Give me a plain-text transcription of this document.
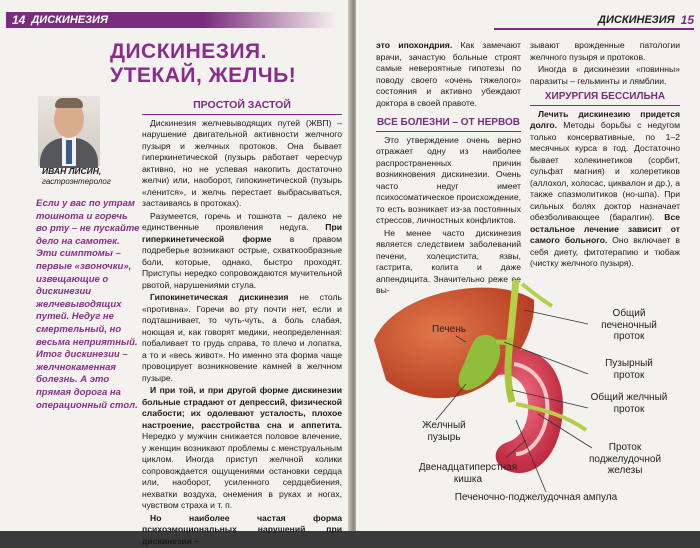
14 ДИСКИНЕЗИЯ
ДИСКИНЕЗИЯ.
УТЕКАЙ, ЖЕЛЧЬ!
ИВАН ЛИСИН,
гастроэнтеролог

Если у вас по утрам тошнота и горечь во рту – не пускайте дело на самотек. Эти симптомы – первые «звоночки», извещающие о дискинезии желчевыводящих путей. Недуг не смертельный, но весьма неприятный. Итог дискинезии – желчнокаменная болезнь. А это прямая дорога на операционный стол.

ПРОСТОЙ ЗАСТОЙ

Дискинезия желчевыводящих путей (ЖВП) – нарушение двигательной активности желчного пузыря и желчных протоков. Она бывает гиперкинетической (пузырь работает чересчур активно, но не успевая накопить достаточно желчи) или, наоборот, гипокинетической (пузырь «ленится», и желчь перестает выбрасываться, застаиваясь в протоках).

Разумеется, горечь и тошнота – далеко не единственные проявления недуга. При гиперкинетической форме в правом подреберье возникают острые, схваткообразные боли, которые, однако, быстро проходят. Приступы нередко сопровождаются мучительной рвотой, нарушениями стула.

Гипокинетическая дискинезия не столь «противна». Горечи во рту почти нет, если и подташнивает, то чуть-чуть, а боль слабая, ноющая и, как говорят медики, неопределенная: побаливает то грудь справа, то плечо и лопатка, а то и «весь живот». Но именно эта форма чаще провоцирует возникновение камней в желчном пузыре.

И при той, и при другой форме дискинезии больные страдают от депрессий, физической слабости; их одолевают усталость, плохое настроение, расстройства сна и аппетита. Нередко у мужчин снижается половое влечение, у женщин возникают проблемы с менструальным циклом. Иногда приступ желчной колики сопровождается ощущениями остановки сердца или, наоборот, усиленного сердцебиения, нехватки воздуха, онемения в руках и ногах, чувством страха и т. п.

Но наиболее частая форма психоэмоциональных нарушений при дискинезии –

ДИСКИНЕЗИЯ 15

это ипохондрия. Как замечают врачи, зачастую больные строят самые невероятные гипотезы по поводу своего «очень тяжелого» состояния и активно убеждают доктора в своей правоте.

ВСЕ БОЛЕЗНИ – ОТ НЕРВОВ

Это утверждение очень верно отражает одну из наиболее распространенных причин возникновения дискинезии. Очень часто недуг имеет психосоматическое происхождение, то есть возникает из-за постоянных стрессов, личностных конфликтов.

Не менее часто дискинезия является следствием заболеваний печени, холецистита, язвы, гастрита, колита и даже аппендицита. Значительно реже ее вы-

зывают врожденные патологии желчного пузыря и протоков.

Иногда в дискинезии «повинны» паразиты – гельминты и лямблии.

ХИРУРГИЯ БЕССИЛЬНА

Лечить дискинезию придется долго. Методы борьбы с недугом только консервативные, по 1–2 месячных курса в год. Достаточно бывает холекинетиков (сорбит, сульфат магния) и холеретиков (аллохол, холосас, циквалон и др.), а также спазмолитиков (но-шпа). При сильных болях доктор назначает обезболивающее (баралгин). Все остальное лечение зависит от самого больного. Оно включает в себя диету, фитотерапию и тюбаж (чистку желчного пузыря).

Печень
Общий печеночный проток
Пузырный проток
Общий желчный проток
Желчный пузырь
Двенадцатиперстная кишка
Проток поджелудочной железы
Печеночно-поджелудочная ампула
